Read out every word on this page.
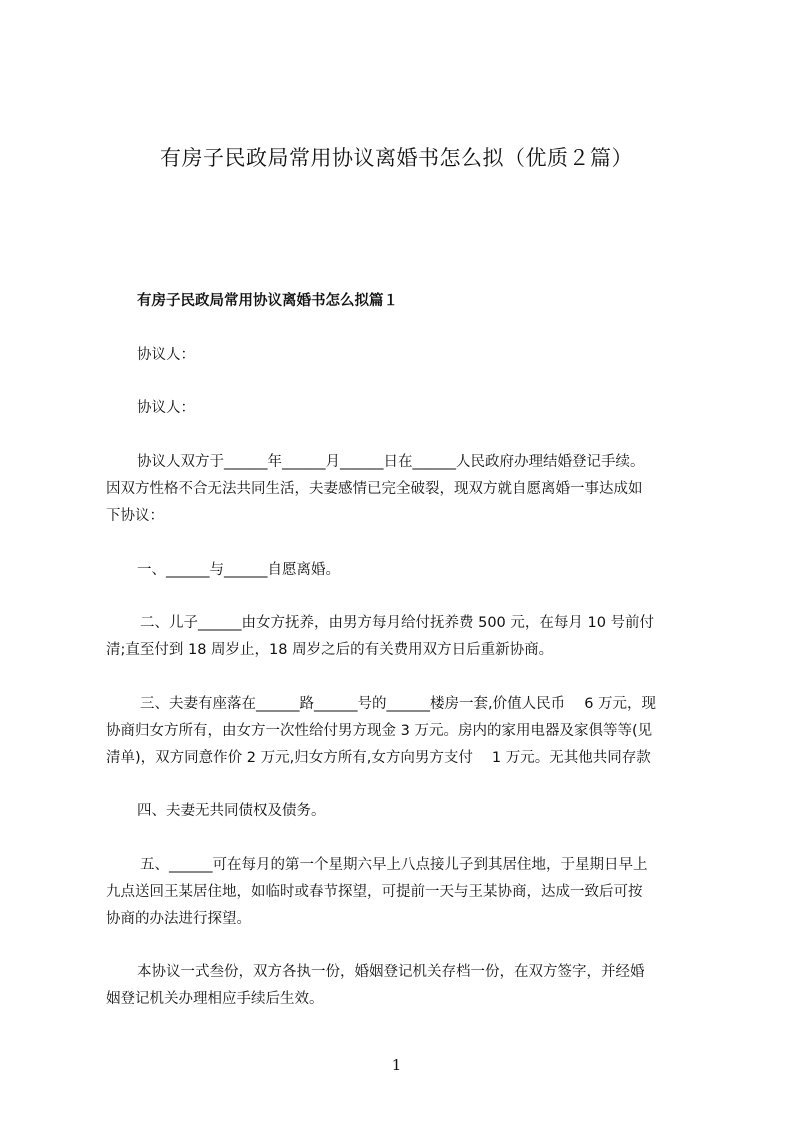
有房子民政局常用协议离婚书怎么拟（优质２篇）
有房子民政局常用协议离婚书怎么拟篇１
协议人：
协议人：
协议人双方于______年______月______日在______人民政府办理结婚登记手续。
因双方性格不合无法共同生活，夫妻感情已完全破裂，现双方就自愿离婚一事达成如
下协议：
一、______与______自愿离婚。
二、儿子______由女方抚养，由男方每月给付抚养费 500 元，在每月 10 号前付
清;直至付到 18 周岁止，18 周岁之后的有关费用双方日后重新协商。
三、夫妻有座落在______路______号的______楼房一套,价值人民币　 6 万元，现
协商归女方所有，由女方一次性给付男方现金 3 万元。房内的家用电器及家俱等等(见
清单)，双方同意作价 2 万元,归女方所有,女方向男方支付　 1 万元。无其他共同存款
四、夫妻无共同债权及债务。
五、______可在每月的第一个星期六早上八点接儿子到其居住地，于星期日早上
九点送回王某居住地，如临时或春节探望，可提前一天与王某协商，达成一致后可按
协商的办法进行探望。
本协议一式叁份，双方各执一份，婚姻登记机关存档一份，在双方签字，并经婚
姻登记机关办理相应手续后生效。
1
